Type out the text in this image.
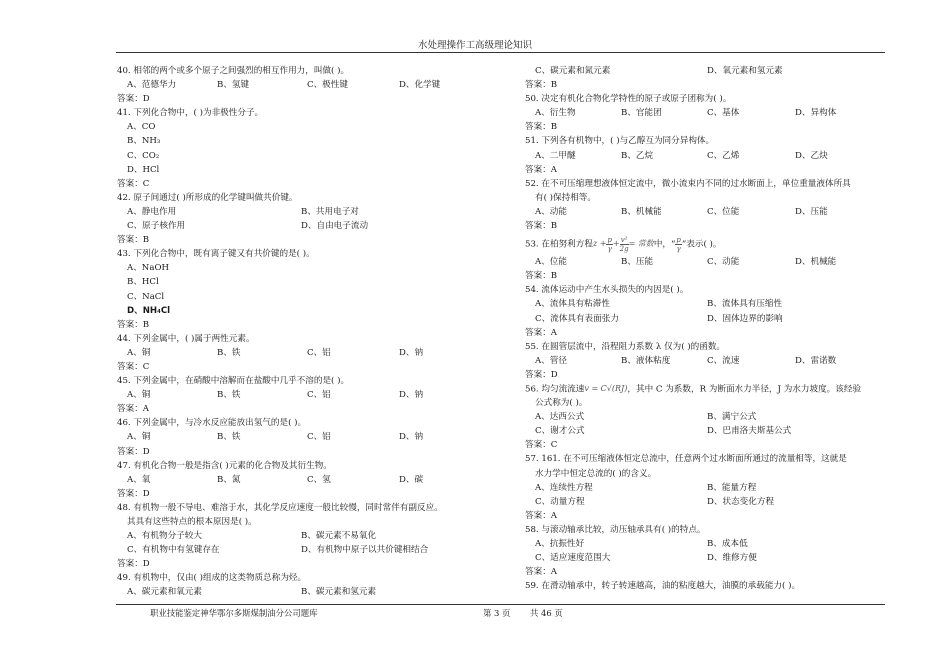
水处理操作工高级理论知识
40. 相邻的两个或多个原子之间强烈的相互作用力，叫做( )。
A、范德华力	B、氢键	C、极性键	D、化学键
答案：D
41. 下列化合物中，( )为非极性分子。
A、CO
B、NH₃
C、CO₂
D、HCl
答案：C
42. 原子间通过( )所形成的化学键叫做共价键。
A、静电作用	B、共用电子对
C、原子核作用	D、自由电子流动
答案：B
43. 下列化合物中，既有离子键又有共价键的是( )。
A、NaOH
B、HCl
C、NaCl
D、NH₄Cl
答案：B
44. 下列金属中，( )属于两性元素。
A、铜	B、铁	C、铝	D、钠
答案：C
45. 下列金属中，在硝酸中溶解而在盐酸中几乎不溶的是( )。
A、铜	B、铁	C、铝	D、钠
答案：A
46. 下列金属中，与冷水反应能放出氢气的是( )。
A、铜	B、铁	C、铝	D、钠
答案：D
47. 有机化合物一般是指含( )元素的化合物及其衍生物。
A、氧	B、氮	C、氢	D、碳
答案：D
48. 有机物一般不导电、难溶于水，其化学反应速度一般比较慢，同时常伴有副反应。
其具有这些特点的根本原因是( )。
A、有机物分子较大	B、碳元素不易氧化
C、有机物中有氢键存在	D、有机物中原子以共价键相结合
答案：D
49. 有机物中，仅由( )组成的这类物质总称为烃。
A、碳元素和氧元素	B、碳元素和氢元素
C、碳元素和氮元素	D、氧元素和氢元素
答案：B
50. 决定有机化合物化学特性的原子或原子团称为( )。
A、衍生物	B、官能团	C、基体	D、异构体
答案：B
51. 下列各有机物中，( )与乙醇互为同分异构体。
A、二甲醚	B、乙烷	C、乙烯	D、乙炔
答案：A
52. 在不可压缩理想液体恒定流中，微小流束内不同的过水断面上，单位重量液体所具
有( )保持相等。
A、动能	B、机械能	C、位能	D、压能
答案：B
53. 在柏努利方程$z + \frac{p}{\gamma} + \frac{\text{v²}}{2g}$ = 常数中，“ $\frac{p}{\gamma}$ ”表示( )。
A、位能	B、压能	C、动能	D、机械能
答案：B
54. 流体运动中产生水头损失的内因是( )。
A、流体具有粘滞性	B、流体具有压缩性
C、流体具有表面张力	D、固体边界的影响
答案：A
55. 在圆管层流中，沿程阻力系数 λ 仅为( )的函数。
A、管径	B、液体粘度	C、流速	D、雷诺数
答案：D
56. 均匀流流速v = C√(RJ)，其中 C 为系数，R 为断面水力半径，J 为水力坡度。该经验
公式称为( )。
A、达西公式	B、满宁公式
C、谢才公式	D、巴甫洛夫斯基公式
答案：C
57. 161. 在不可压缩液体恒定总流中，任意两个过水断面所通过的流量相等，这就是
水力学中恒定总流的( )的含义。
A、连续性方程	B、能量方程
C、动量方程	D、状态变化方程
答案：A
58. 与滚动轴承比较，动压轴承具有( )的特点。
A、抗振性好	B、成本低
C、适应速度范围大	D、维修方便
答案：A
59. 在滑动轴承中，转子转速越高，油的粘度越大，油膜的承载能力( )。
职业技能鉴定神华鄂尔多斯煤制油分公司题库	第 3 页 共 46 页
